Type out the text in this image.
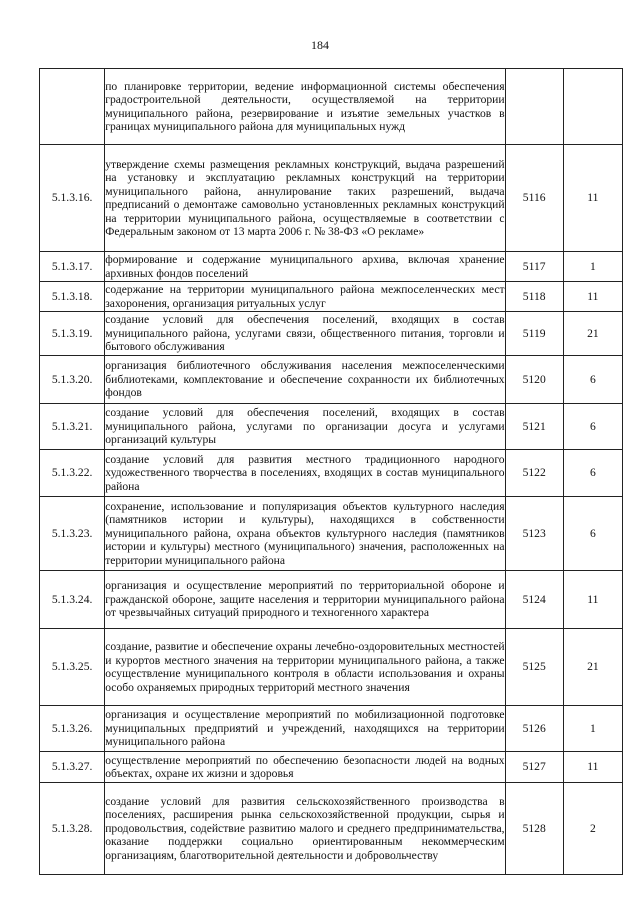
184
	по планировке территории, ведение информационной системы обеспечения градостроительной деятельности, осуществляемой на территории муниципального района, резервирование и изъятие земельных участков в границах муниципального района для муниципальных нужд		
5.1.3.16.	утверждение схемы размещения рекламных конструкций, выдача разрешений на установку и эксплуатацию рекламных конструкций на территории муниципального района, аннулирование таких разрешений, выдача предписаний о демонтаже самовольно установленных рекламных конструкций на территории муниципального района, осуществляемые в соответствии с Федеральным законом от 13 марта 2006 г. № 38-ФЗ «О рекламе»	5116	11
5.1.3.17.	формирование и содержание муниципального архива, включая хранение архивных фондов поселений	5117	1
5.1.3.18.	содержание на территории муниципального района межпоселенческих мест захоронения, организация ритуальных услуг	5118	11
5.1.3.19.	создание условий для обеспечения поселений, входящих в состав муниципального района, услугами связи, общественного питания, торговли и бытового обслуживания	5119	21
5.1.3.20.	организация библиотечного обслуживания населения межпоселенческими библиотеками, комплектование и обеспечение сохранности их библиотечных фондов	5120	6
5.1.3.21.	создание условий для обеспечения поселений, входящих в состав муниципального района, услугами по организации досуга и услугами организаций культуры	5121	6
5.1.3.22.	создание условий для развития местного традиционного народного художественного творчества в поселениях, входящих в состав муниципального района	5122	6
5.1.3.23.	сохранение, использование и популяризация объектов культурного наследия (памятников истории и культуры), находящихся в собственности муниципального района, охрана объектов культурного наследия (памятников истории и культуры) местного (муниципального) значения, расположенных на территории муниципального района	5123	6
5.1.3.24.	организация и осуществление мероприятий по территориальной обороне и гражданской обороне, защите населения и территории муниципального района от чрезвычайных ситуаций природного и техногенного характера	5124	11
5.1.3.25.	создание, развитие и обеспечение охраны лечебно-оздоровительных местностей и курортов местного значения на территории муниципального района, а также осуществление муниципального контроля в области использования и охраны особо охраняемых природных территорий местного значения	5125	21
5.1.3.26.	организация и осуществление мероприятий по мобилизационной подготовке муниципальных предприятий и учреждений, находящихся на территории муниципального района	5126	1
5.1.3.27.	осуществление мероприятий по обеспечению безопасности людей на водных объектах, охране их жизни и здоровья	5127	11
5.1.3.28.	создание условий для развития сельскохозяйственного производства в поселениях, расширения рынка сельскохозяйственной продукции, сырья и продовольствия, содействие развитию малого и среднего предпринимательства, оказание поддержки социально ориентированным некоммерческим организациям, благотворительной деятельности и добровольчеству	5128	2
